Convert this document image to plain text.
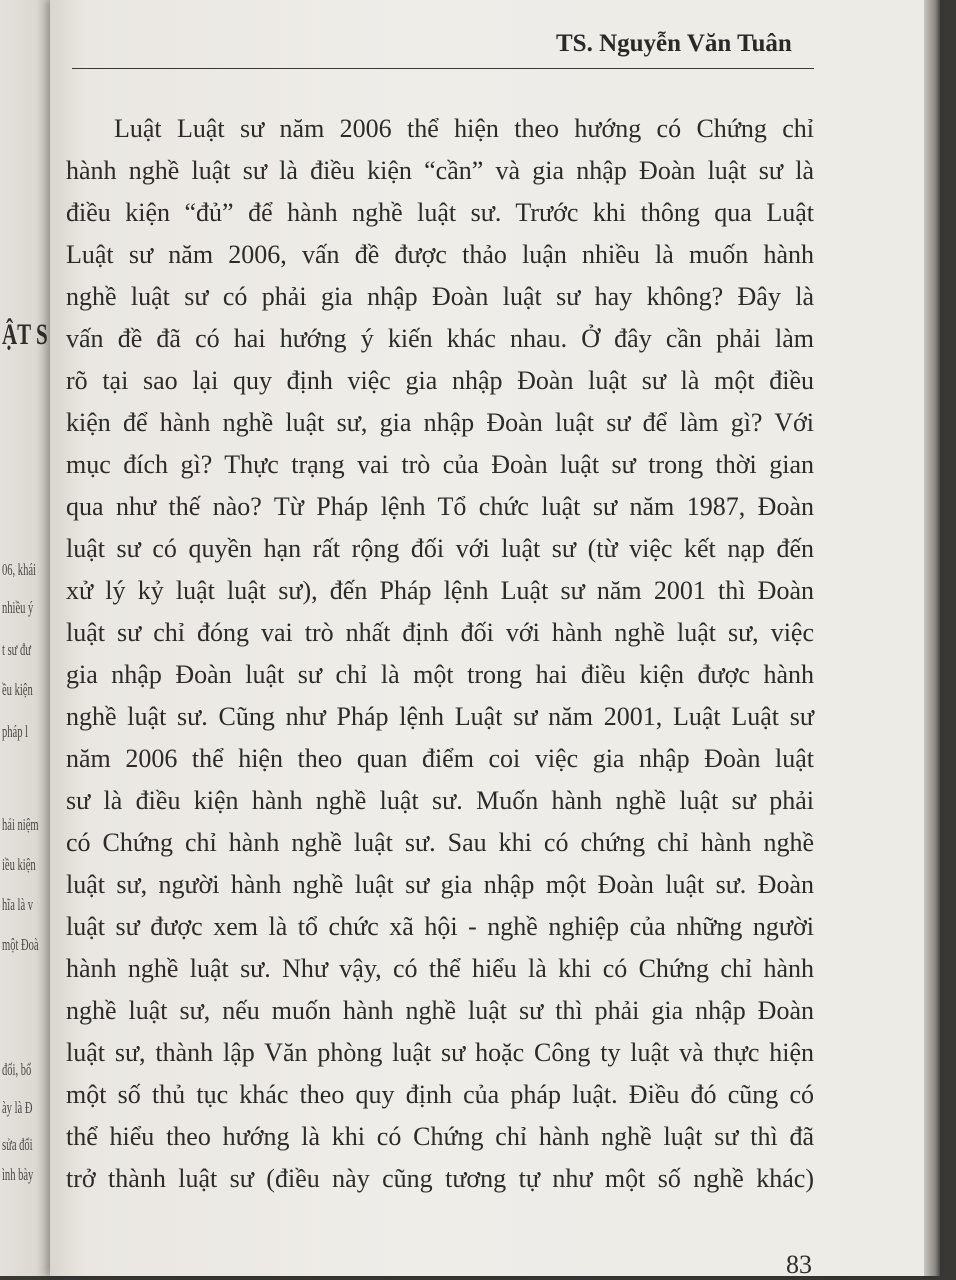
ẬT S
06, khái
nhiều ý
t sư đư
ều kiện
pháp l
hái niệm
iều kiện
hĩa là v
một Đoà
đối, bổ
ày là Đ
sửa đổi
ình bày
TS. Nguyễn Văn Tuân
Luật Luật sư năm 2006 thể hiện theo hướng có Chứng chỉ
hành nghề luật sư là điều kiện “cần” và gia nhập Đoàn luật sư là
điều kiện “đủ” để hành nghề luật sư. Trước khi thông qua Luật
Luật sư năm 2006, vấn đề được thảo luận nhiều là muốn hành
nghề luật sư có phải gia nhập Đoàn luật sư hay không? Đây là
vấn đề đã có hai hướng ý kiến khác nhau. Ở đây cần phải làm
rõ tại sao lại quy định việc gia nhập Đoàn luật sư là một điều
kiện để hành nghề luật sư, gia nhập Đoàn luật sư để làm gì? Với
mục đích gì? Thực trạng vai trò của Đoàn luật sư trong thời gian
qua như thế nào? Từ Pháp lệnh Tổ chức luật sư năm 1987, Đoàn
luật sư có quyền hạn rất rộng đối với luật sư (từ việc kết nạp đến
xử lý kỷ luật luật sư), đến Pháp lệnh Luật sư năm 2001 thì Đoàn
luật sư chỉ đóng vai trò nhất định đối với hành nghề luật sư, việc
gia nhập Đoàn luật sư chỉ là một trong hai điều kiện được hành
nghề luật sư. Cũng như Pháp lệnh Luật sư năm 2001, Luật Luật sư
năm 2006 thể hiện theo quan điểm coi việc gia nhập Đoàn luật
sư là điều kiện hành nghề luật sư. Muốn hành nghề luật sư phải
có Chứng chỉ hành nghề luật sư. Sau khi có chứng chỉ hành nghề
luật sư, người hành nghề luật sư gia nhập một Đoàn luật sư. Đoàn
luật sư được xem là tổ chức xã hội - nghề nghiệp của những người
hành nghề luật sư. Như vậy, có thể hiểu là khi có Chứng chỉ hành
nghề luật sư, nếu muốn hành nghề luật sư thì phải gia nhập Đoàn
luật sư, thành lập Văn phòng luật sư hoặc Công ty luật và thực hiện
một số thủ tục khác theo quy định của pháp luật. Điều đó cũng có
thể hiểu theo hướng là khi có Chứng chỉ hành nghề luật sư thì đã
trở thành luật sư (điều này cũng tương tự như một số nghề khác)
83
